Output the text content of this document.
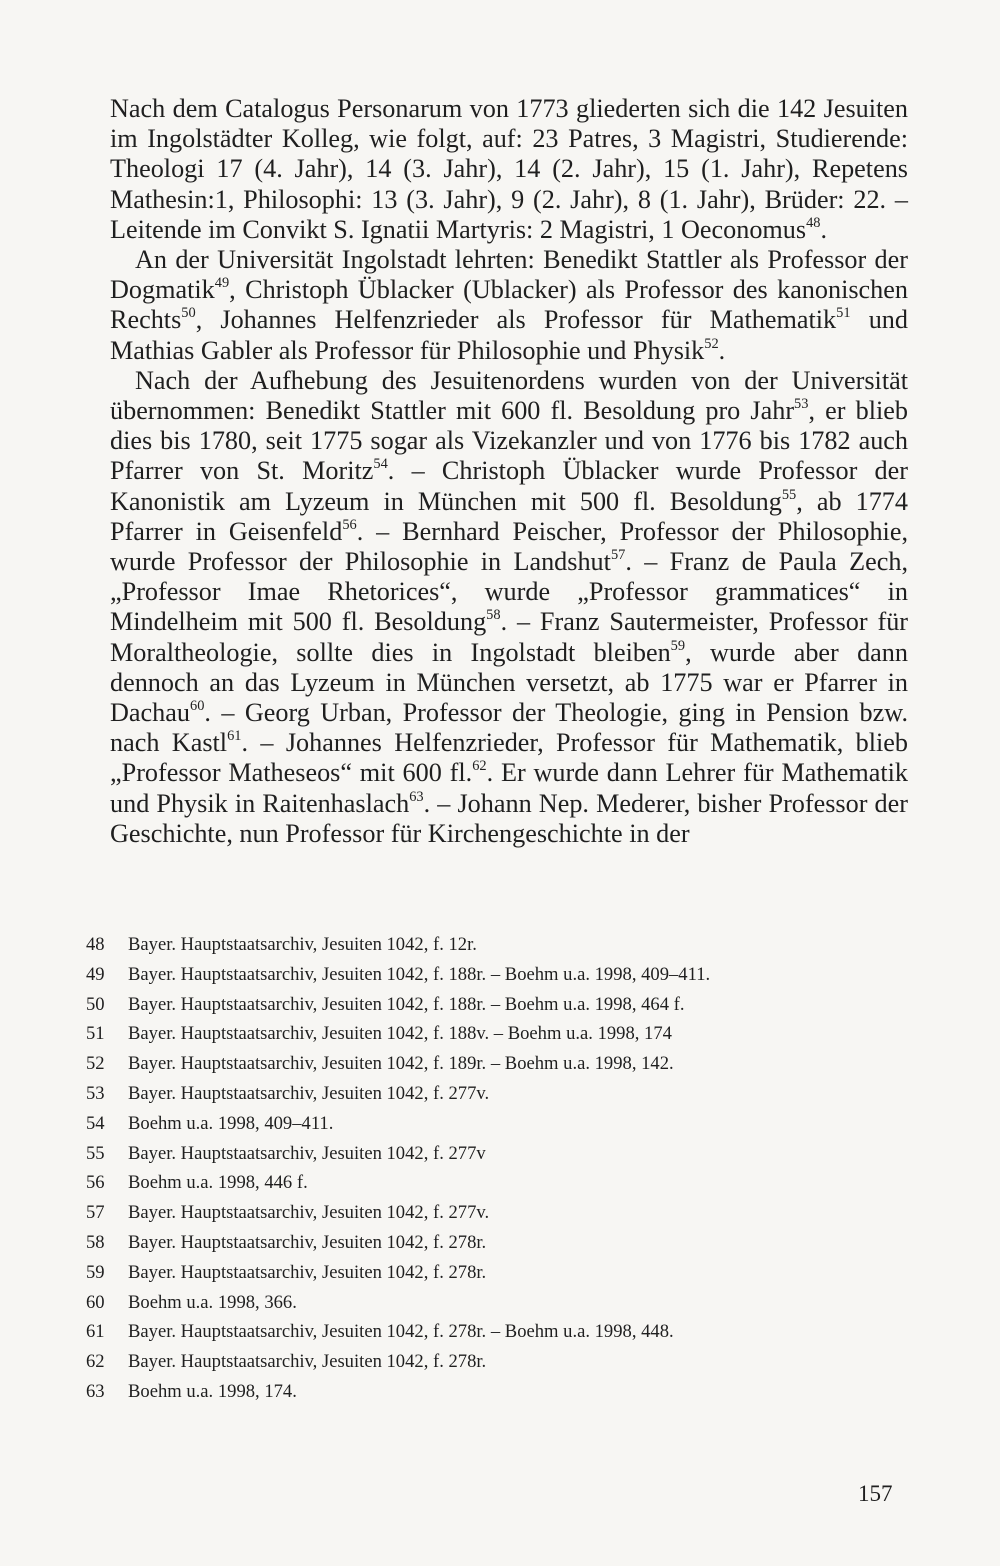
Nach dem Catalogus Personarum von 1773 gliederten sich die 142 Jesuiten im Ingolstädter Kolleg, wie folgt, auf: 23 Patres, 3 Magistri, Studierende: Theologi 17 (4. Jahr), 14 (3. Jahr), 14 (2. Jahr), 15 (1. Jahr), Repetens Mathesin:1, Philosophi: 13 (3. Jahr), 9 (2. Jahr), 8 (1. Jahr), Brüder: 22. – Leitende im Convikt S. Ignatii Martyris: 2 Magistri, 1 Oeconomus$^{48}$.

An der Universität Ingolstadt lehrten: Benedikt Stattler als Professor der Dogmatik$^{49}$, Christoph Üblacker (Ublacker) als Professor des kanonischen Rechts$^{50}$, Johannes Helfenzrieder als Professor für Mathematik$^{51}$ und Mathias Gabler als Professor für Philosophie und Physik$^{52}$.

Nach der Aufhebung des Jesuitenordens wurden von der Universität übernommen: Benedikt Stattler mit 600 fl. Besoldung pro Jahr$^{53}$, er blieb dies bis 1780, seit 1775 sogar als Vizekanzler und von 1776 bis 1782 auch Pfarrer von St. Moritz$^{54}$. – Christoph Üblacker wurde Professor der Kanonistik am Lyzeum in München mit 500 fl. Besoldung$^{55}$, ab 1774 Pfarrer in Geisenfeld$^{56}$. – Bernhard Peischer, Professor der Philosophie, wurde Professor der Philosophie in Landshut$^{57}$. – Franz de Paula Zech, „Professor Imae Rhetorices“, wurde „Professor grammatices“ in Mindelheim mit 500 fl. Besoldung$^{58}$. – Franz Sautermeister, Professor für Moraltheologie, sollte dies in Ingolstadt bleiben$^{59}$, wurde aber dann dennoch an das Lyzeum in München versetzt, ab 1775 war er Pfarrer in Dachau$^{60}$. – Georg Urban, Professor der Theologie, ging in Pension bzw. nach Kastl$^{61}$. – Johannes Helfenzrieder, Professor für Mathematik, blieb „Professor Matheseos“ mit 600 fl.$^{62}$. Er wurde dann Lehrer für Mathematik und Physik in Raitenhaslach$^{63}$. – Johann Nep. Mederer, bisher Professor der Geschichte, nun Professor für Kirchengeschichte in der

48	Bayer. Hauptstaatsarchiv, Jesuiten 1042, f. 12r.
49	Bayer. Hauptstaatsarchiv, Jesuiten 1042, f. 188r. – Boehm u.a. 1998, 409–411.
50	Bayer. Hauptstaatsarchiv, Jesuiten 1042, f. 188r. – Boehm u.a. 1998, 464 f.
51	Bayer. Hauptstaatsarchiv, Jesuiten 1042, f. 188v. – Boehm u.a. 1998, 174
52	Bayer. Hauptstaatsarchiv, Jesuiten 1042, f. 189r. – Boehm u.a. 1998, 142.
53	Bayer. Hauptstaatsarchiv, Jesuiten 1042, f. 277v.
54	Boehm u.a. 1998, 409–411.
55	Bayer. Hauptstaatsarchiv, Jesuiten 1042, f. 277v
56	Boehm u.a. 1998, 446 f.
57	Bayer. Hauptstaatsarchiv, Jesuiten 1042, f. 277v.
58	Bayer. Hauptstaatsarchiv, Jesuiten 1042, f. 278r.
59	Bayer. Hauptstaatsarchiv, Jesuiten 1042, f. 278r.
60	Boehm u.a. 1998, 366.
61	Bayer. Hauptstaatsarchiv, Jesuiten 1042, f. 278r. – Boehm u.a. 1998, 448.
62	Bayer. Hauptstaatsarchiv, Jesuiten 1042, f. 278r.
63	Boehm u.a. 1998, 174.
157
